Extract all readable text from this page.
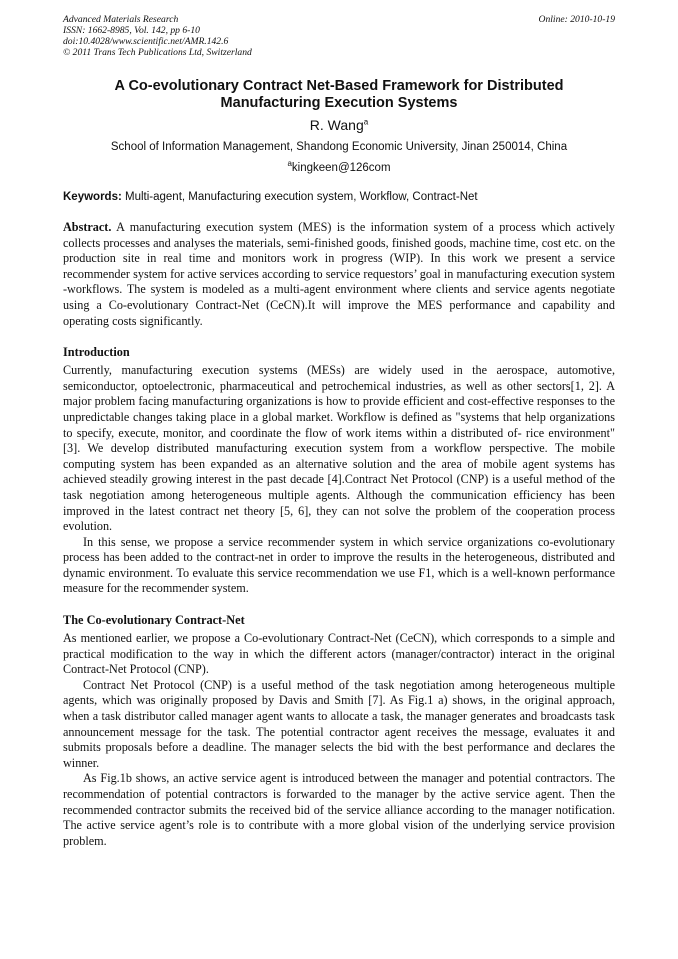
Advanced Materials Research
ISSN: 1662-8985, Vol. 142, pp 6-10
doi:10.4028/www.scientific.net/AMR.142.6
© 2011 Trans Tech Publications Ltd, Switzerland
Online: 2010-10-19
A Co-evolutionary Contract Net-Based Framework for Distributed Manufacturing Execution Systems
R. Wang$^a$
School of Information Management, Shandong Economic University, Jinan 250014, China
$^a$kingkeen@126com
Keywords: Multi-agent, Manufacturing execution system, Workflow, Contract-Net

Abstract. A manufacturing execution system (MES) is the information system of a process which actively collects processes and analyses the materials, semi-finished goods, finished goods, machine time, cost etc. on the production site in real time and monitors work in progress (WIP). In this work we present a service recommender system for active services according to service requestors’ goal in manufacturing execution system -workflows. The system is modeled as a multi-agent environment where clients and service agents negotiate using a Co-evolutionary Contract-Net (CeCN).It will improve the MES performance and capability and operating costs significantly.

Introduction

Currently, manufacturing execution systems (MESs) are widely used in the aerospace, automotive, semiconductor, optoelectronic, pharmaceutical and petrochemical industries, as well as other sectors[1, 2]. A major problem facing manufacturing organizations is how to provide efficient and cost-effective responses to the unpredictable changes taking place in a global market. Workflow is defined as "systems that help organizations to specify, execute, monitor, and coordinate the flow of work items within a distributed of- rice environment" [3]. We develop distributed manufacturing execution system from a workflow perspective. The mobile computing system has been expanded as an alternative solution and the area of mobile agent systems has achieved steadily growing interest in the past decade [4].Contract Net Protocol (CNP) is a useful method of the task negotiation among heterogeneous multiple agents. Although the communication efficiency has been improved in the latest contract net theory [5, 6], they can not solve the problem of the cooperation process evolution.

In this sense, we propose a service recommender system in which service organizations co-evolutionary process has been added to the contract-net in order to improve the results in the heterogeneous, distributed and dynamic environment. To evaluate this service recommendation we use F1, which is a well-known performance measure for the recommender system.

The Co-evolutionary Contract-Net

As mentioned earlier, we propose a Co-evolutionary Contract-Net (CeCN), which corresponds to a simple and practical modification to the way in which the different actors (manager/contractor) interact in the original Contract-Net Protocol (CNP).

Contract Net Protocol (CNP) is a useful method of the task negotiation among heterogeneous multiple agents, which was originally proposed by Davis and Smith [7]. As Fig.1 a) shows, in the original approach, when a task distributor called manager agent wants to allocate a task, the manager generates and broadcasts task announcement message for the task. The potential contractor agent receives the message, evaluates it and submits proposals before a deadline. The manager selects the bid with the best performance and declares the winner.

As Fig.1b shows, an active service agent is introduced between the manager and potential contractors. The recommendation of potential contractors is forwarded to the manager by the active service agent. Then the recommended contractor submits the received bid of the service alliance according to the manager notification. The active service agent’s role is to contribute with a more global vision of the underlying service provision problem.
